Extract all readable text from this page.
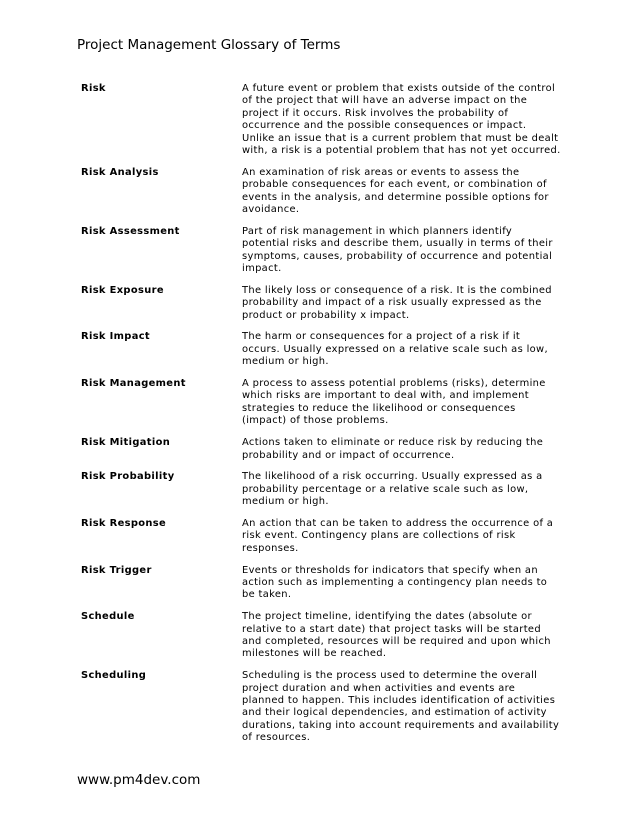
Project Management Glossary of Terms
Risk	A future event or problem that exists outside of the control of the project that will have an adverse impact on the project if it occurs. Risk involves the probability of occurrence and the possible consequences or impact. Unlike an issue that is a current problem that must be dealt with, a risk is a potential problem that has not yet occurred.
Risk Analysis	An examination of risk areas or events to assess the probable consequences for each event, or combination of events in the analysis, and determine possible options for avoidance.
Risk Assessment	Part of risk management in which planners identify potential risks and describe them, usually in terms of their symptoms, causes, probability of occurrence and potential impact.
Risk Exposure	The likely loss or consequence of a risk. It is the combined probability and impact of a risk usually expressed as the product or probability x impact.
Risk Impact	The harm or consequences for a project of a risk if it occurs. Usually expressed on a relative scale such as low, medium or high.
Risk Management	A process to assess potential problems (risks), determine which risks are important to deal with, and implement strategies to reduce the likelihood or consequences (impact) of those problems.
Risk Mitigation	Actions taken to eliminate or reduce risk by reducing the probability and or impact of occurrence.
Risk Probability	The likelihood of a risk occurring. Usually expressed as a probability percentage or a relative scale such as low, medium or high.
Risk Response	An action that can be taken to address the occurrence of a risk event. Contingency plans are collections of risk responses.
Risk Trigger	Events or thresholds for indicators that specify when an action such as implementing a contingency plan needs to be taken.
Schedule	The project timeline, identifying the dates (absolute or relative to a start date) that project tasks will be started and completed, resources will be required and upon which milestones will be reached.
Scheduling	Scheduling is the process used to determine the overall project duration and when activities and events are planned to happen. This includes identification of activities and their logical dependencies, and estimation of activity durations, taking into account requirements and availability of resources.
www.pm4dev.com
